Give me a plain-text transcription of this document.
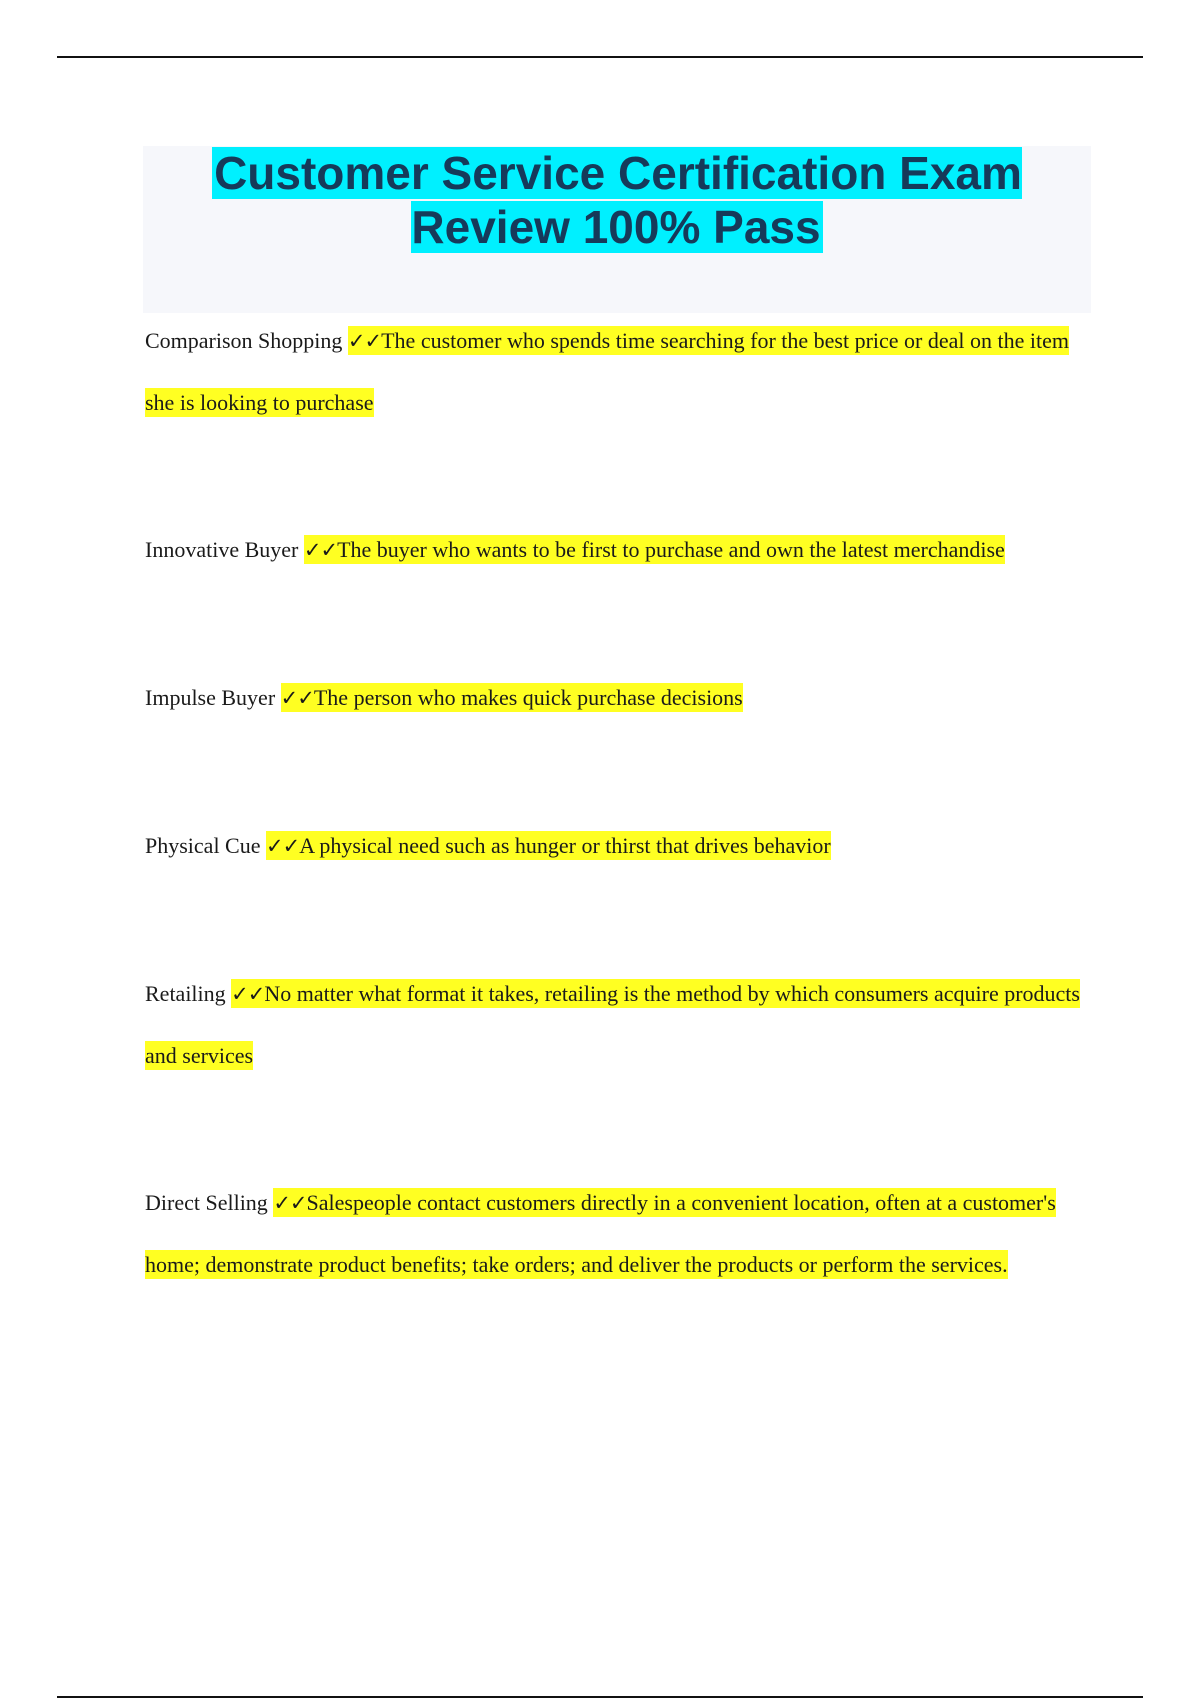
Customer Service Certification Exam Review 100% Pass

Comparison Shopping ✓✓The customer who spends time searching for the best price or deal on the item she is looking to purchase

Innovative Buyer ✓✓The buyer who wants to be first to purchase and own the latest merchandise

Impulse Buyer ✓✓The person who makes quick purchase decisions

Physical Cue ✓✓A physical need such as hunger or thirst that drives behavior

Retailing ✓✓No matter what format it takes, retailing is the method by which consumers acquire products and services

Direct Selling ✓✓Salespeople contact customers directly in a convenient location, often at a customer's home; demonstrate product benefits; take orders; and deliver the products or perform the services.
